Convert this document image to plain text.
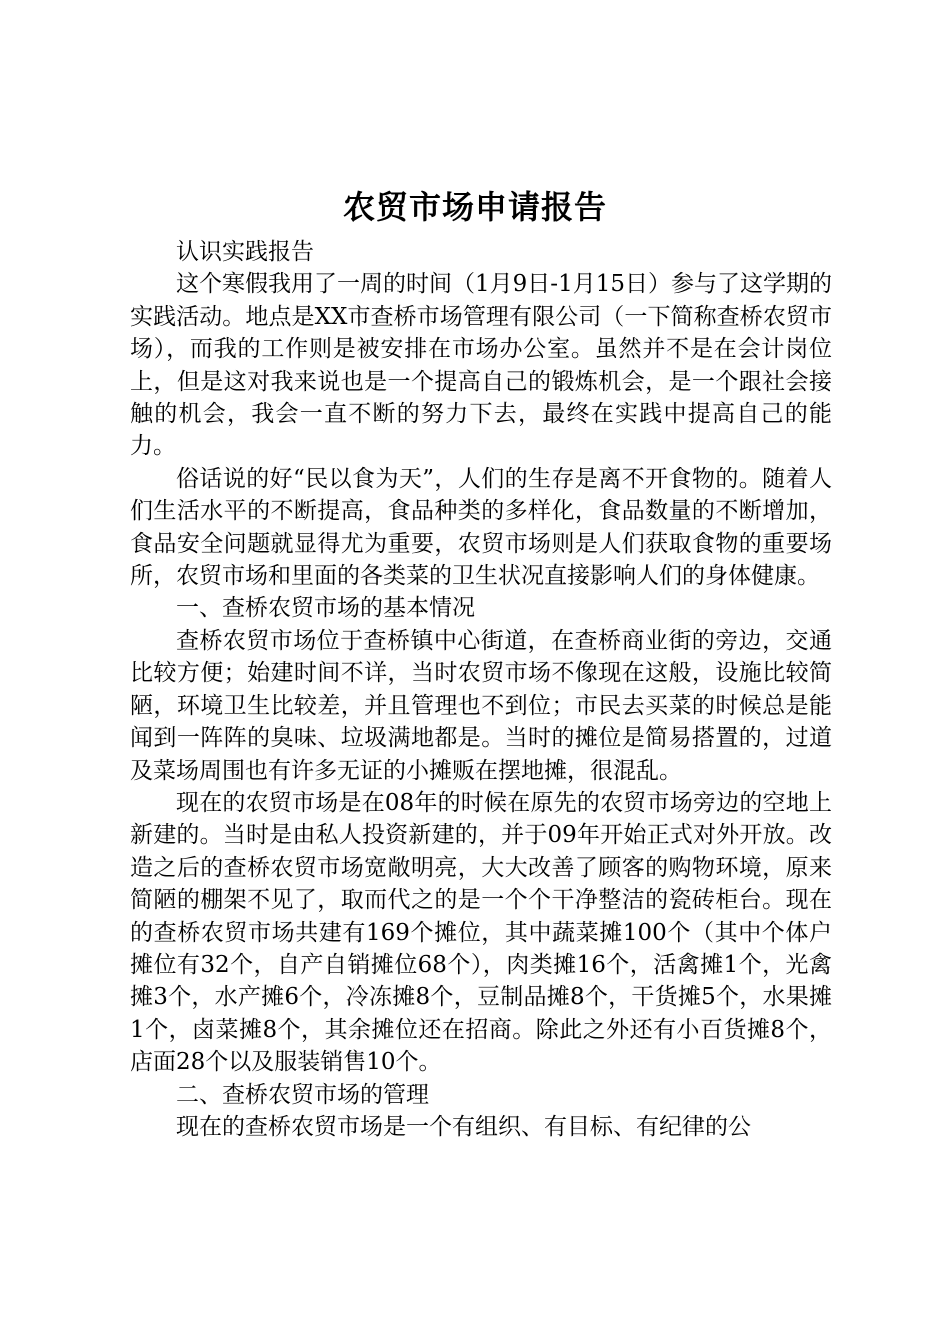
农贸市场申请报告

认识实践报告

这个寒假我用了一周的时间（1月9日-1月15日）参与了这学期的实践活动。地点是XX市查桥市场管理有限公司（一下简称查桥农贸市场），而我的工作则是被安排在市场办公室。虽然并不是在会计岗位上，但是这对我来说也是一个提高自己的锻炼机会，是一个跟社会接触的机会，我会一直不断的努力下去，最终在实践中提高自己的能力。

俗话说的好“民以食为天”，人们的生存是离不开食物的。随着人们生活水平的不断提高，食品种类的多样化，食品数量的不断增加，食品安全问题就显得尤为重要，农贸市场则是人们获取食物的重要场所，农贸市场和里面的各类菜的卫生状况直接影响人们的身体健康。

一、查桥农贸市场的基本情况

查桥农贸市场位于查桥镇中心街道，在查桥商业街的旁边，交通比较方便；始建时间不详，当时农贸市场不像现在这般，设施比较简陋，环境卫生比较差，并且管理也不到位；市民去买菜的时候总是能闻到一阵阵的臭味、垃圾满地都是。当时的摊位是简易搭置的，过道及菜场周围也有许多无证的小摊贩在摆地摊，很混乱。

现在的农贸市场是在08年的时候在原先的农贸市场旁边的空地上新建的。当时是由私人投资新建的，并于09年开始正式对外开放。改造之后的查桥农贸市场宽敞明亮，大大改善了顾客的购物环境，原来简陋的棚架不见了，取而代之的是一个个干净整洁的瓷砖柜台。现在的查桥农贸市场共建有169个摊位，其中蔬菜摊100个（其中个体户摊位有32个，自产自销摊位68个），肉类摊16个，活禽摊1个，光禽摊3个，水产摊6个，冷冻摊8个，豆制品摊8个，干货摊5个，水果摊1个，卤菜摊8个，其余摊位还在招商。除此之外还有小百货摊8个，店面28个以及服装销售10个。

二、查桥农贸市场的管理

现在的查桥农贸市场是一个有组织、有目标、有纪律的公
